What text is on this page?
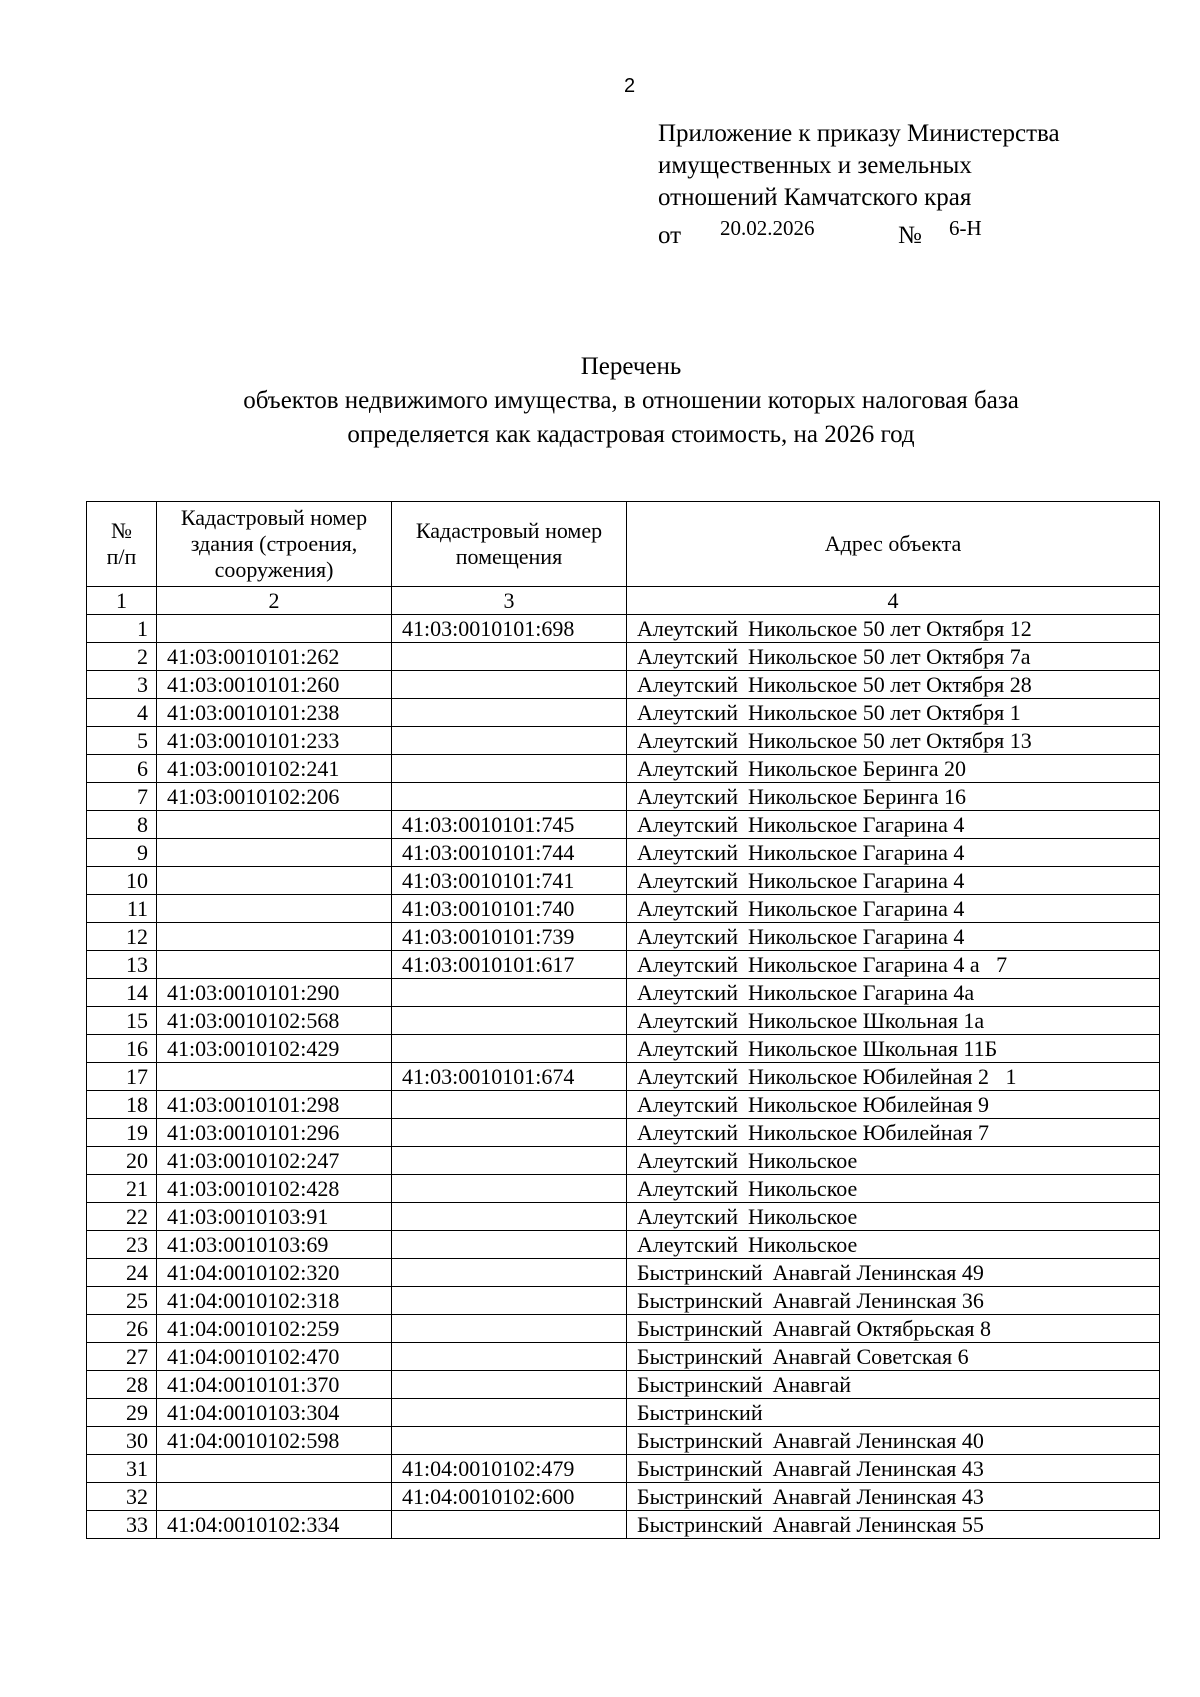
2
Приложение к приказу Министерства
имущественных и земельных
отношений Камчатского края
от 20.02.2026	№ 6-Н
Перечень
объектов недвижимого имущества, в отношении которых налоговая база
определяется как кадастровая стоимость, на 2026 год
№ п/п	Кадастровый номер здания (строения, сооружения)	Кадастровый номер помещения	Адрес объекта
1	2	3	4
1		41:03:0010101:698	Алеутский Никольское 50 лет Октября 12
2	41:03:0010101:262		Алеутский Никольское 50 лет Октября 7а
3	41:03:0010101:260		Алеутский Никольское 50 лет Октября 28
4	41:03:0010101:238		Алеутский Никольское 50 лет Октября 1
5	41:03:0010101:233		Алеутский Никольское 50 лет Октября 13
6	41:03:0010102:241		Алеутский Никольское Беринга 20
7	41:03:0010102:206		Алеутский Никольское Беринга 16
8		41:03:0010101:745	Алеутский Никольское Гагарина 4
9		41:03:0010101:744	Алеутский Никольское Гагарина 4
10		41:03:0010101:741	Алеутский Никольское Гагарина 4
11		41:03:0010101:740	Алеутский Никольское Гагарина 4
12		41:03:0010101:739	Алеутский Никольское Гагарина 4
13		41:03:0010101:617	Алеутский Никольское Гагарина 4 а   7
14	41:03:0010101:290		Алеутский Никольское Гагарина 4а
15	41:03:0010102:568		Алеутский Никольское Школьная 1а
16	41:03:0010102:429		Алеутский Никольское Школьная 11Б
17		41:03:0010101:674	Алеутский Никольское Юбилейная 2   1
18	41:03:0010101:298		Алеутский Никольское Юбилейная 9
19	41:03:0010101:296		Алеутский Никольское Юбилейная 7
20	41:03:0010102:247		Алеутский Никольское
21	41:03:0010102:428		Алеутский Никольское
22	41:03:0010103:91		Алеутский Никольское
23	41:03:0010103:69		Алеутский Никольское
24	41:04:0010102:320		Быстринский Анавгай Ленинская 49
25	41:04:0010102:318		Быстринский Анавгай Ленинская 36
26	41:04:0010102:259		Быстринский Анавгай Октябрьская 8
27	41:04:0010102:470		Быстринский Анавгай Советская 6
28	41:04:0010101:370		Быстринский Анавгай
29	41:04:0010103:304		Быстринский
30	41:04:0010102:598		Быстринский Анавгай Ленинская 40
31		41:04:0010102:479	Быстринский Анавгай Ленинская 43
32		41:04:0010102:600	Быстринский Анавгай Ленинская 43
33	41:04:0010102:334		Быстринский Анавгай Ленинская 55
